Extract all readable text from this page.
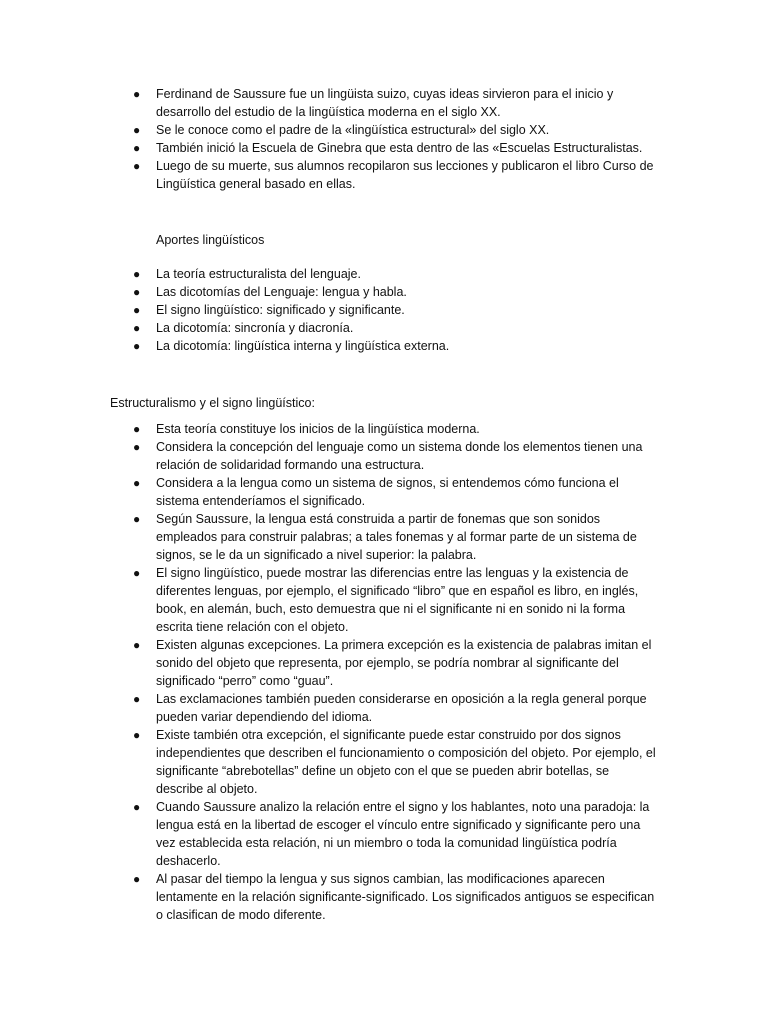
● Ferdinand de Saussure fue un lingüista suizo, cuyas ideas sirvieron para el inicio y desarrollo del estudio de la lingüística moderna en el siglo XX.
● Se le conoce como el padre de la «lingüística estructural» del siglo XX.
● También inició la Escuela de Ginebra que esta dentro de las «Escuelas Estructuralistas.
● Luego de su muerte, sus alumnos recopilaron sus lecciones y publicaron el libro Curso de Lingüística general basado en ellas.
Aportes lingüísticos
● La teoría estructuralista del lenguaje.
● Las dicotomías del Lenguaje: lengua y habla.
● El signo lingüístico: significado y significante.
● La dicotomía: sincronía y diacronía.
● La dicotomía: lingüística interna y lingüística externa.
Estructuralismo y el signo lingüístico:
● Esta teoría constituye los inicios de la lingüística moderna.
● Considera la concepción del lenguaje como un sistema donde los elementos tienen una relación de solidaridad formando una estructura.
● Considera a la lengua como un sistema de signos, si entendemos cómo funciona el sistema entenderíamos el significado.
● Según Saussure, la lengua está construida a partir de fonemas que son sonidos empleados para construir palabras; a tales fonemas y al formar parte de un sistema de signos, se le da un significado a nivel superior: la palabra.
● El signo lingüístico, puede mostrar las diferencias entre las lenguas y la existencia de diferentes lenguas, por ejemplo, el significado “libro” que en español es libro, en inglés, book, en alemán, buch, esto demuestra que ni el significante ni en sonido ni la forma escrita tiene relación con el objeto.
● Existen algunas excepciones. La primera excepción es la existencia de palabras imitan el sonido del objeto que representa, por ejemplo, se podría nombrar al significante del significado “perro” como “guau”.
● Las exclamaciones también pueden considerarse en oposición a la regla general porque pueden variar dependiendo del idioma.
● Existe también otra excepción, el significante puede estar construido por dos signos independientes que describen el funcionamiento o composición del objeto. Por ejemplo, el significante “abrebotellas” define un objeto con el que se pueden abrir botellas, se describe al objeto.
● Cuando Saussure analizo la relación entre el signo y los hablantes, noto una paradoja: la lengua está en la libertad de escoger el vínculo entre significado y significante pero una vez establecida esta relación, ni un miembro o toda la comunidad lingüística podría deshacerlo.
● Al pasar del tiempo la lengua y sus signos cambian, las modificaciones aparecen lentamente en la relación significante-significado. Los significados antiguos se especifican o clasifican de modo diferente.
